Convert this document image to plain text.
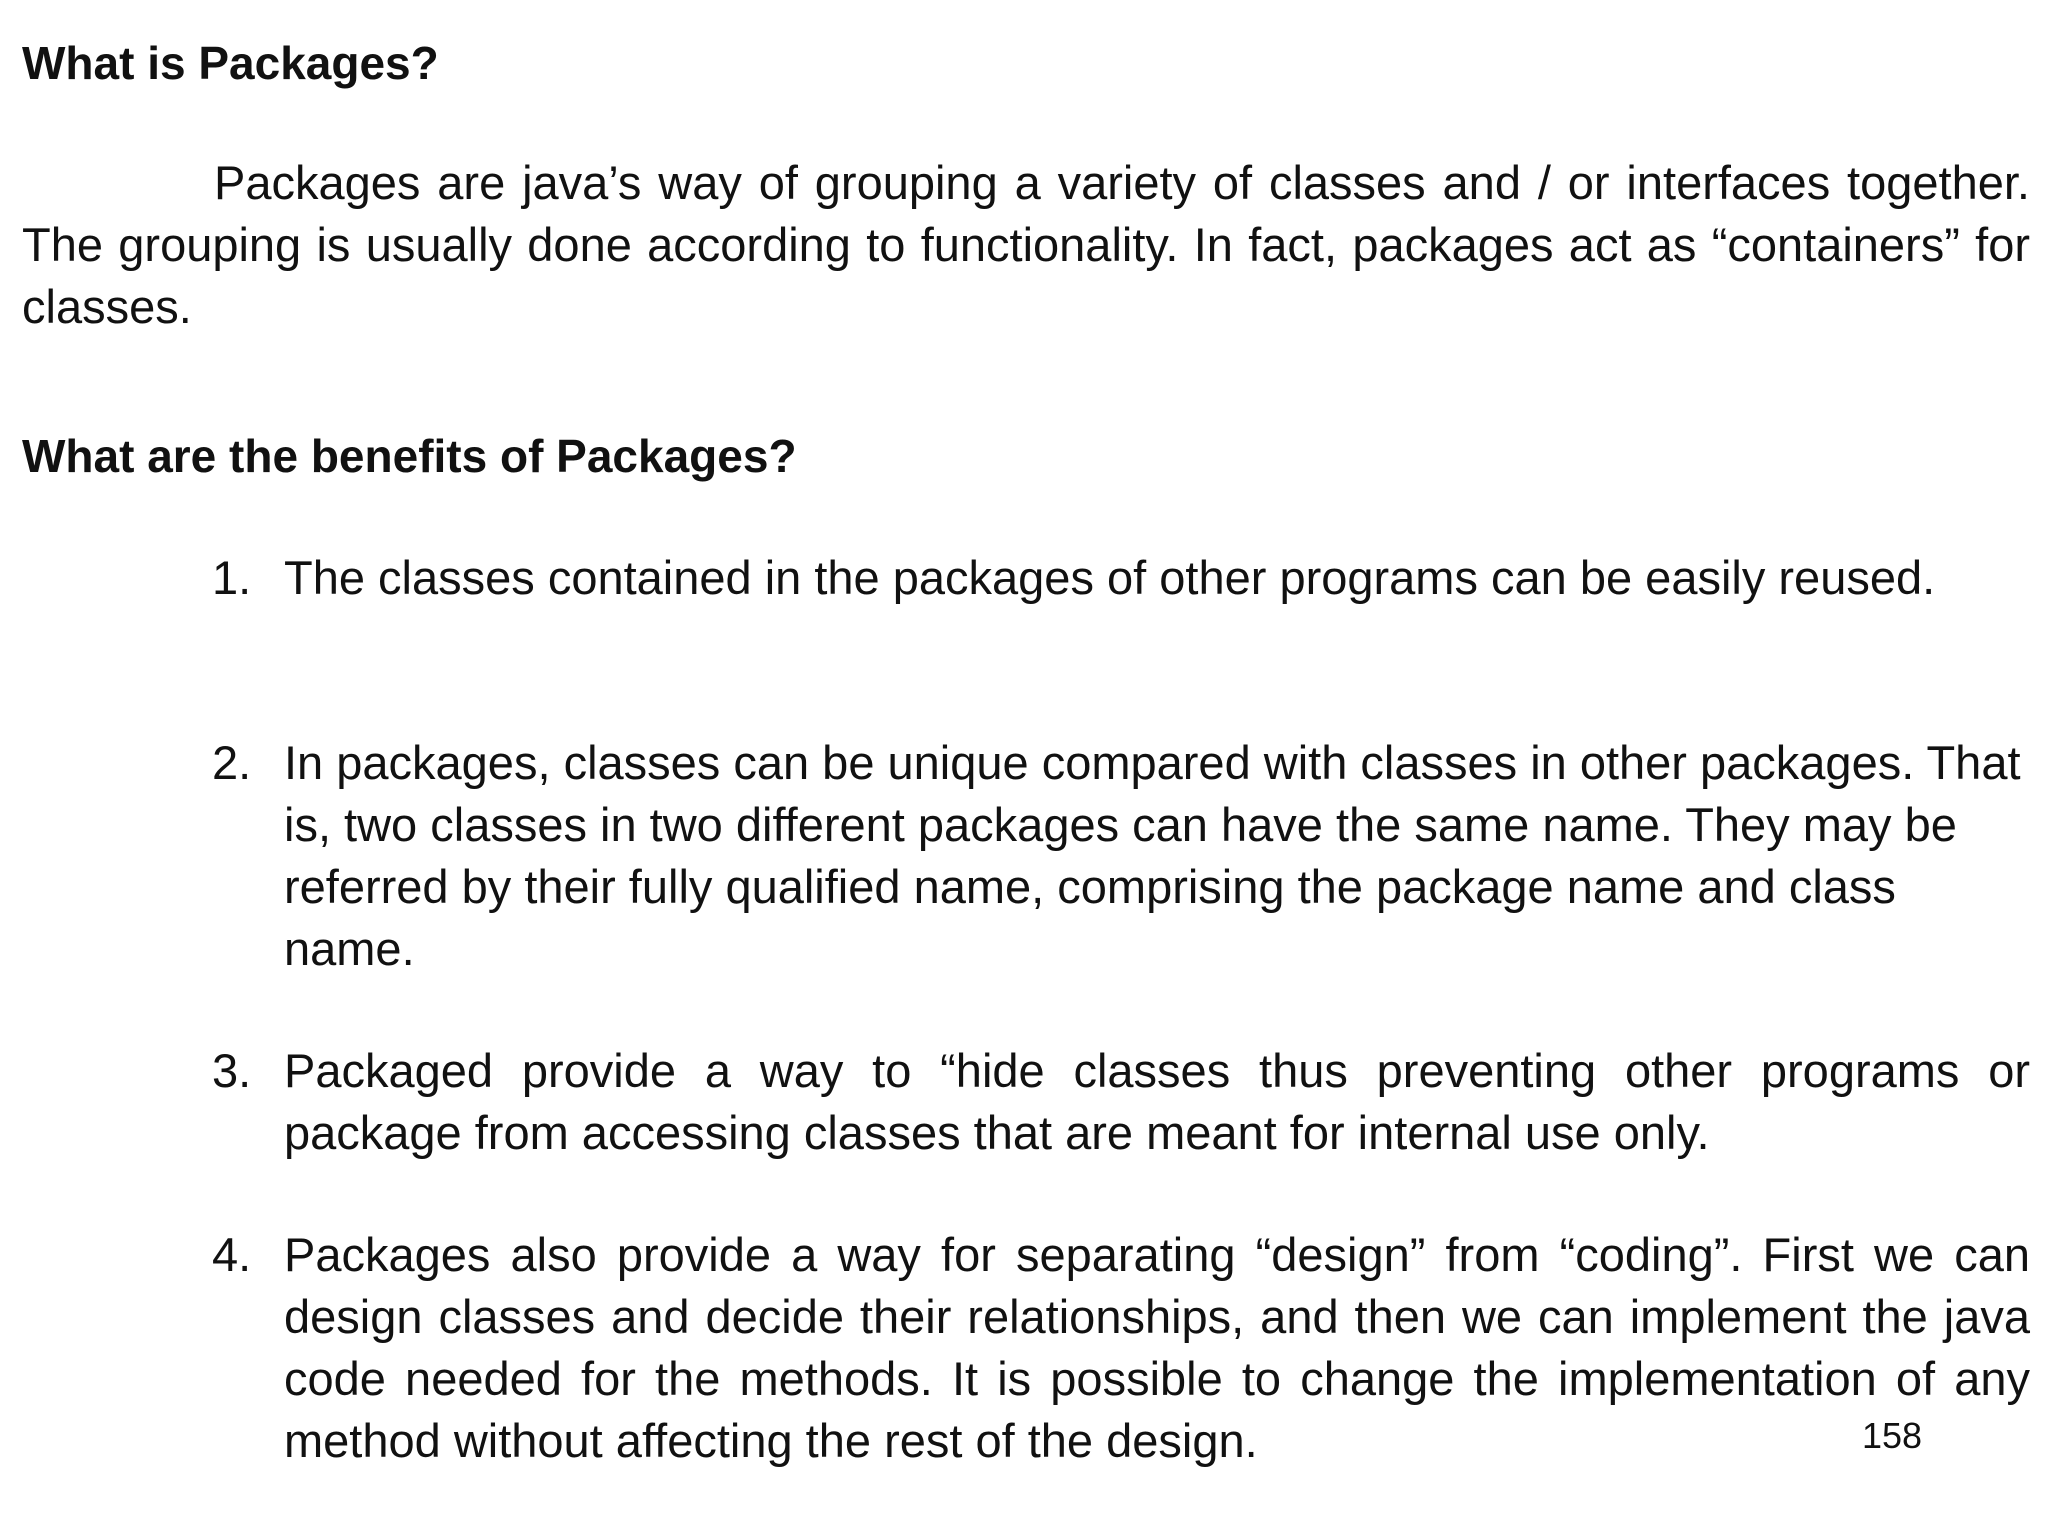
What is Packages?

Packages are java’s way of grouping a variety of classes and / or interfaces together. The grouping is usually done according to functionality. In fact, packages act as “containers” for classes.

What are the benefits of Packages?
1. The classes contained in the packages of other programs can be easily reused.
2. In packages, classes can be unique compared with classes in other packages. That is, two classes in two different packages can have the same name. They may be referred by their fully qualified name, comprising the package name and class name.
3. Packaged provide a way to “hide classes thus preventing other programs or package from accessing classes that are meant for internal use only.
4. Packages also provide a way for separating “design” from “coding”. First we can design classes and decide their relationships, and then we can implement the java code needed for the methods. It is possible to change the implementation of any method without affecting the rest of the design.	158
